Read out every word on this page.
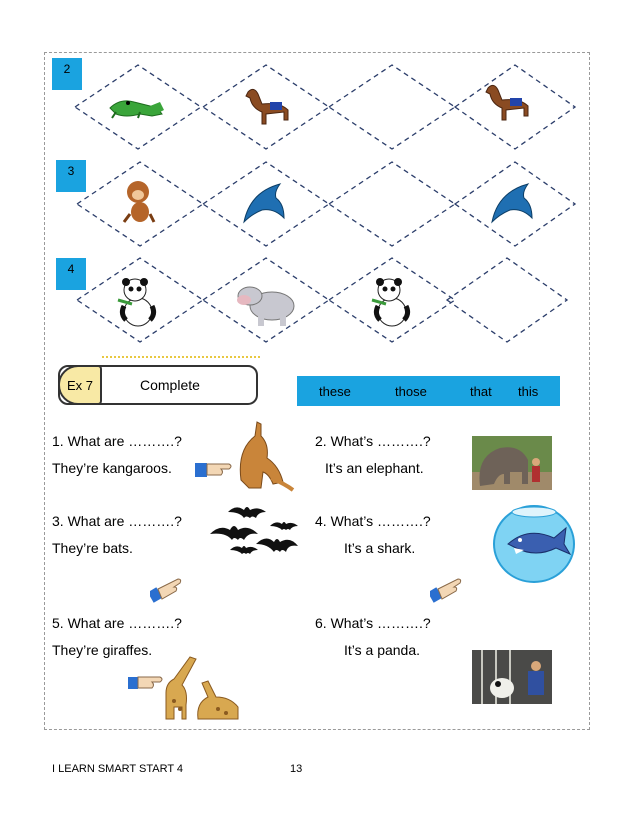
2
3
4
Ex 7	Complete	these	those	that this
1. What are ……….?
They’re kangaroos.
2. What’s ……….?
It’s an elephant.
3. What are ……….?
They’re bats.
4. What’s ……….?
It’s a shark.
5. What are ……….?
They’re giraffes.
6. What’s ……….?
It’s a panda.
I LEARN SMART START 4	13
